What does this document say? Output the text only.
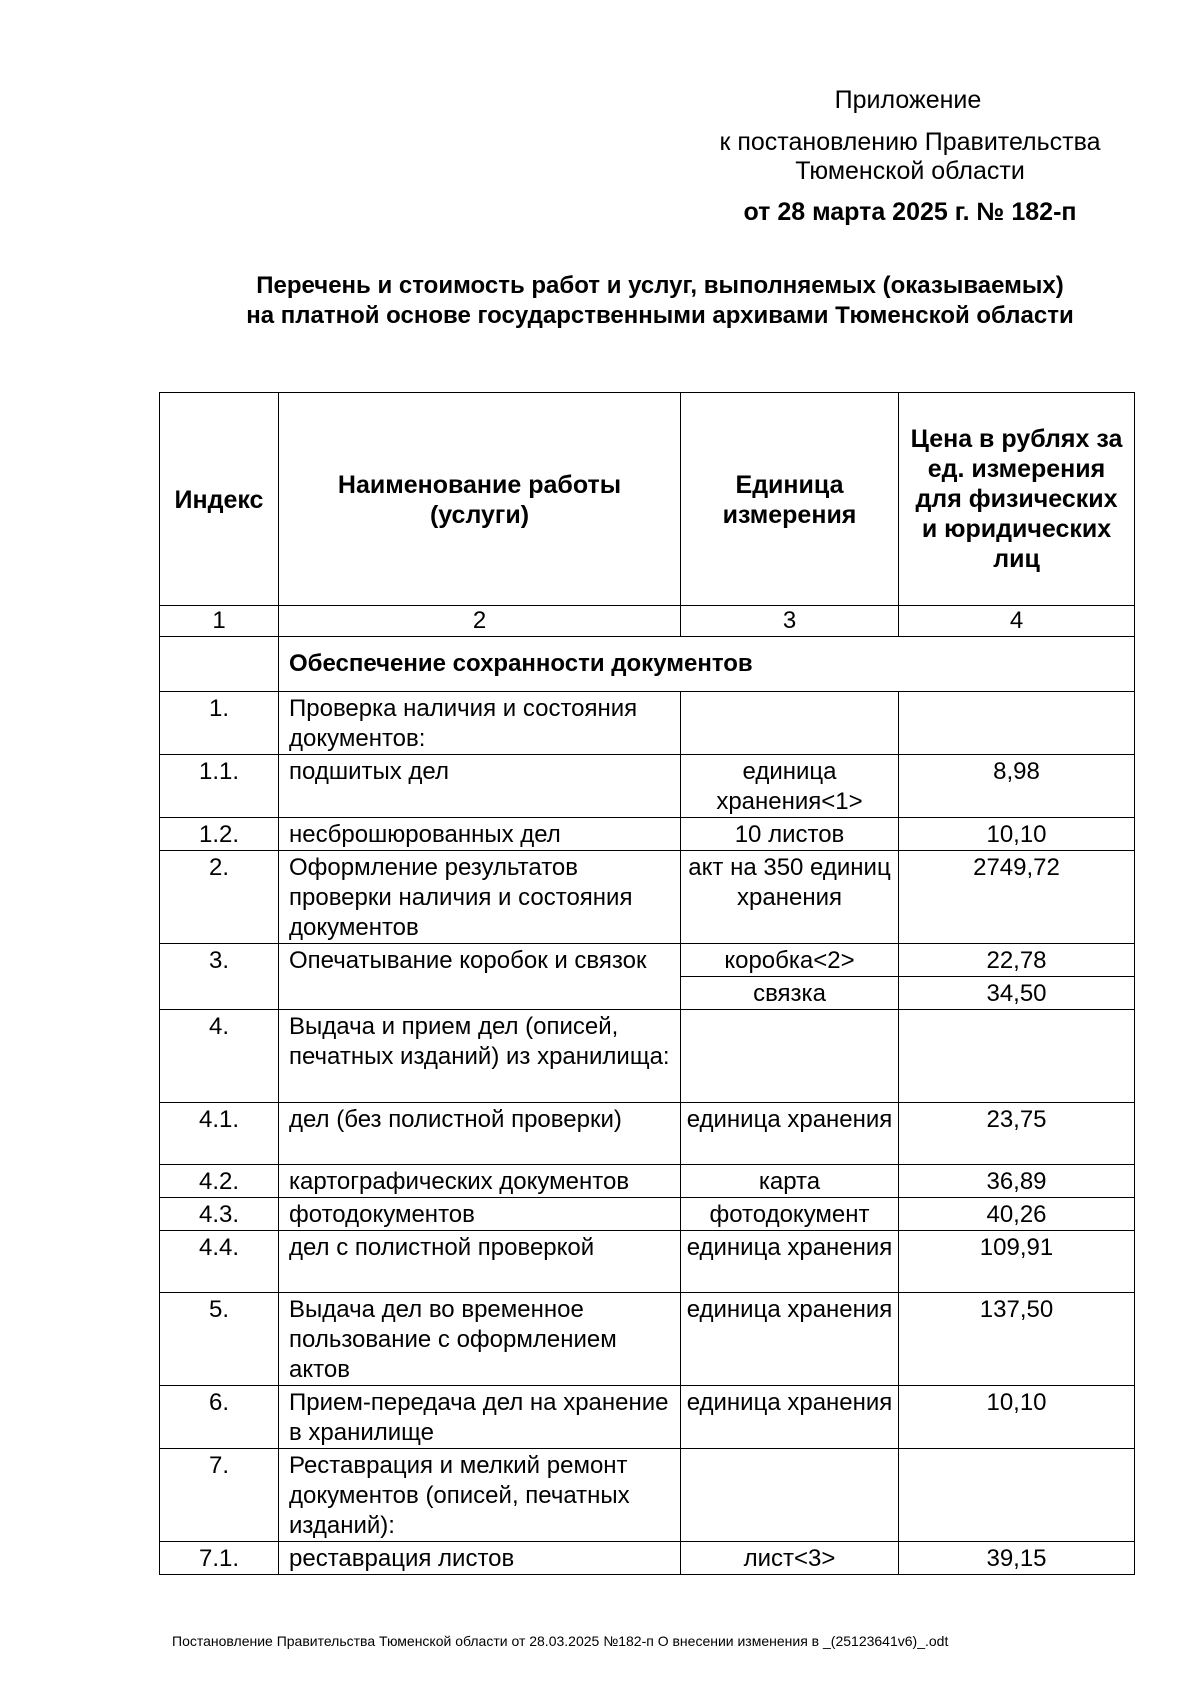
Приложение
к постановлению Правительства
Тюменской области
от 28 марта 2025 г. № 182-п
Перечень и стоимость работ и услуг, выполняемых (оказываемых)
на платной основе государственными архивами Тюменской области
Индекс	Наименование работы (услуги)	Единица измерения	Цена в рублях за ед. измерения для физических и юридических лиц
1	2	3	4
	Обеспечение сохранности документов		
1.	Проверка наличия и состояния документов:		
1.1.	подшитых дел	единица хранения<1>	8,98
1.2.	несброшюрованных дел	10 листов	10,10
2.	Оформление результатов проверки наличия и состояния документов	акт на 350 единиц хранения	2749,72
3.	Опечатывание коробок и связок	коробка<2>	22,78
		связка	34,50
4.	Выдача и прием дел (описей, печатных изданий) из хранилища:		
4.1.	дел (без полистной проверки)	единица хранения	23,75
4.2.	картографических документов	карта	36,89
4.3.	фотодокументов	фотодокумент	40,26
4.4.	дел с полистной проверкой	единица хранения	109,91
5.	Выдача дел во временное пользование с оформлением актов	единица хранения	137,50
6.	Прием-передача дел на хранение в хранилище	единица хранения	10,10
7.	Реставрация и мелкий ремонт документов (описей, печатных изданий):		
7.1.	реставрация листов	лист<3>	39,15
Постановление Правительства Тюменской области от 28.03.2025 №182-п О внесении изменения в _(25123641v6)_.odt
